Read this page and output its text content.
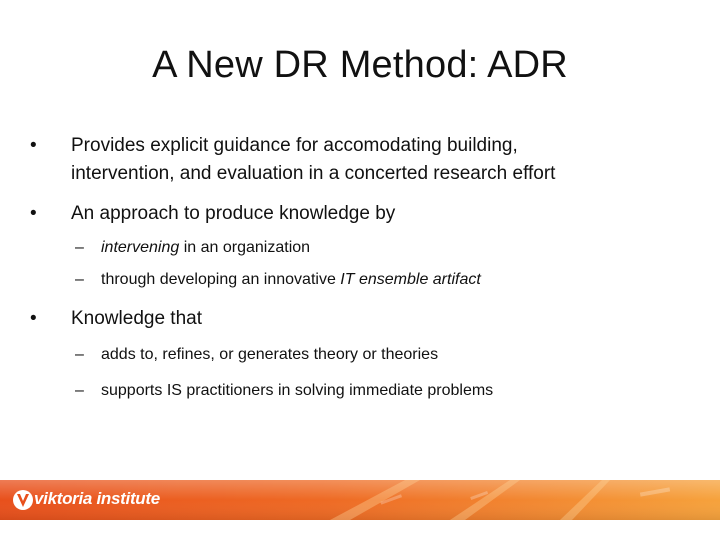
A New DR Method: ADR
•	Provides explicit guidance for accomodating building,
intervention, and evaluation in a concerted research effort
•	An approach to produce knowledge by
– intervening in an organization
– through developing an innovative IT ensemble artifact
•	Knowledge that
– adds to, refines, or generates theory or theories
– supports IS practitioners in solving immediate problems
viktoria institute
